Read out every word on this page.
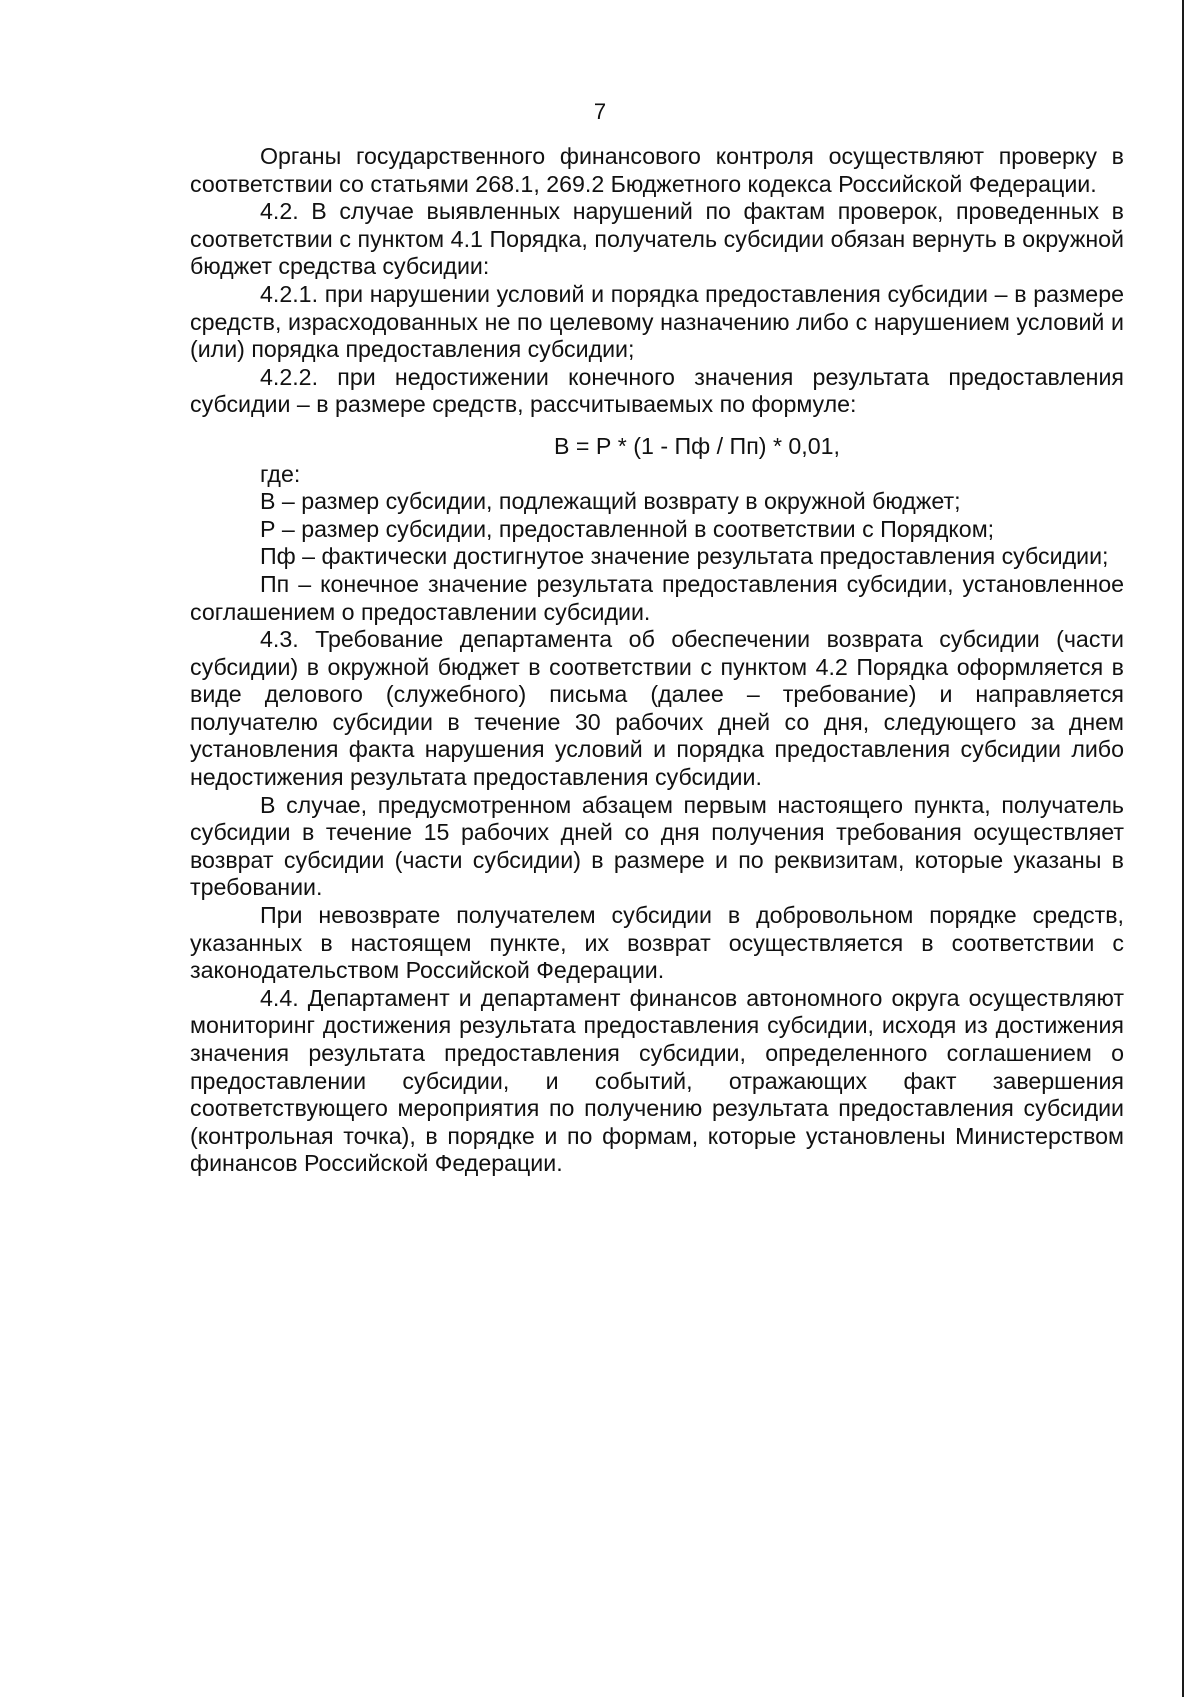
7

Органы государственного финансового контроля осуществляют проверку в соответствии со статьями 268.1, 269.2 Бюджетного кодекса Российской Федерации.

4.2. В случае выявленных нарушений по фактам проверок, проведенных в соответствии с пунктом 4.1 Порядка, получатель субсидии обязан вернуть в окружной бюджет средства субсидии:

4.2.1. при нарушении условий и порядка предоставления субсидии – в размере средств, израсходованных не по целевому назначению либо с нарушением условий и (или) порядка предоставления субсидии;

4.2.2. при недостижении конечного значения результата предоставления субсидии – в размере средств, рассчитываемых по формуле:

В = Р * (1 - Пф / Пп) * 0,01,

где:

В – размер субсидии, подлежащий возврату в окружной бюджет;

Р – размер субсидии, предоставленной в соответствии с Порядком;

Пф – фактически достигнутое значение результата предоставления субсидии;

Пп – конечное значение результата предоставления субсидии, установленное соглашением о предоставлении субсидии.

4.3. Требование департамента об обеспечении возврата субсидии (части субсидии) в окружной бюджет в соответствии с пунктом 4.2 Порядка оформляется в виде делового (служебного) письма (далее – требование) и направляется получателю субсидии в течение 30 рабочих дней со дня, следующего за днем установления факта нарушения условий и порядка предоставления субсидии либо недостижения результата предоставления субсидии.

В случае, предусмотренном абзацем первым настоящего пункта, получатель субсидии в течение 15 рабочих дней со дня получения требования осуществляет возврат субсидии (части субсидии) в размере и по реквизитам, которые указаны в требовании.

При невозврате получателем субсидии в добровольном порядке средств, указанных в настоящем пункте, их возврат осуществляется в соответствии с законодательством Российской Федерации.

4.4. Департамент и департамент финансов автономного округа осуществляют мониторинг достижения результата предоставления субсидии, исходя из достижения значения результата предоставления субсидии, определенного соглашением о предоставлении субсидии, и событий, отражающих факт завершения соответствующего мероприятия по получению результата предоставления субсидии (контрольная точка), в порядке и по формам, которые установлены Министерством финансов Российской Федерации.
